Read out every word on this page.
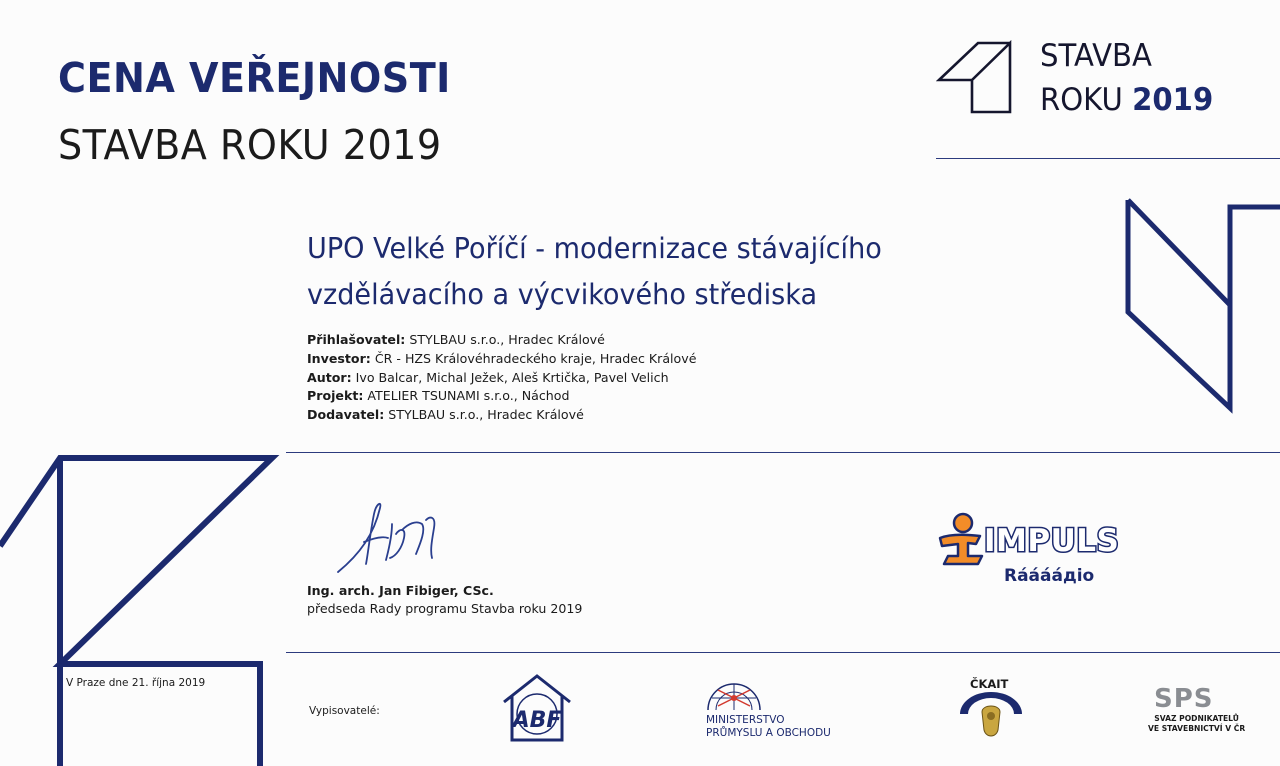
CENA VEŘEJNOSTI
STAVBA ROKU 2019
STAVBA
ROKU 2019
UPO Velké Poříčí - modernizace stávajícího
vzdělávacího a výcvikového střediska
Přihlašovatel: STYLBAU s.r.o., Hradec Králové
Investor: ČR - HZS Královéhradeckého kraje, Hradec Králové
Autor: Ivo Balcar, Michal Ježek, Aleš Krtička, Pavel Velich
Projekt: ATELIER TSUNAMI s.r.o., Náchod
Dodavatel: STYLBAU s.r.o., Hradec Králové
Ing. arch. Jan Fibiger, CSc.
předseda Rady programu Stavba roku 2019
IMPULS
Rááááдio
V Praze dne 21. října 2019
Vypisovatelé:	ABF	MINISTERSTVO
PRŮMYSLU A OBCHODU
ČKAIT	SPS
SVAZ PODNIKATELŮ
VE STAVEBNICTVÍ V ČR
